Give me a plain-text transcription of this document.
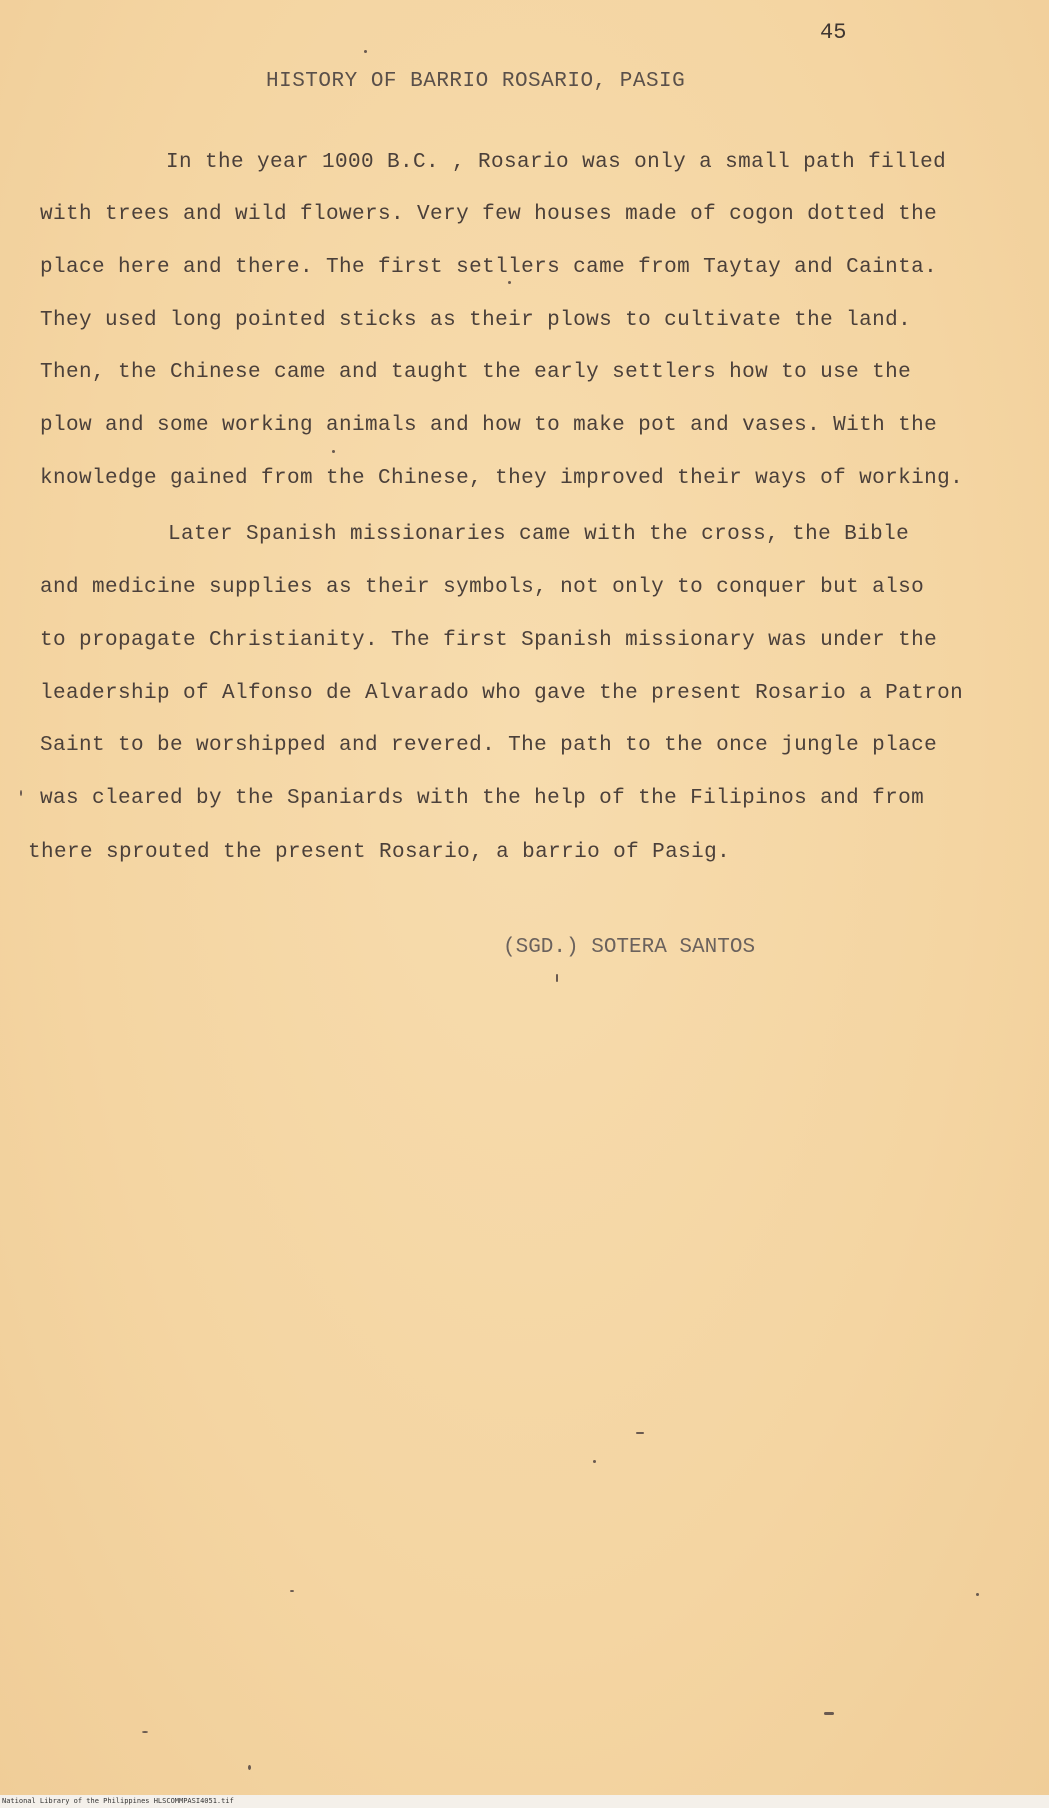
45
HISTORY OF BARRIO ROSARIO, PASIG
In the year 1000 B.C. , Rosario was only a small path filled
with trees and wild flowers. Very few houses made of cogon dotted the
place here and there. The first setllers came from Taytay and Cainta.
They used long pointed sticks as their plows to cultivate the land.
Then, the Chinese came and taught the early settlers how to use the
plow and some working animals and how to make pot and vases. With the
knowledge gained from the Chinese, they improved their ways of working.
Later Spanish missionaries came with the cross, the Bible
and medicine supplies as their symbols, not only to conquer but also
to propagate Christianity. The first Spanish missionary was under the
leadership of Alfonso de Alvarado who gave the present Rosario a Patron
Saint to be worshipped and revered. The path to the once jungle place
was cleared by the Spaniards with the help of the Filipinos and from
there sprouted the present Rosario, a barrio of Pasig.
(SGD.) SOTERA SANTOS
National Library of the Philippines HLSCOMMPASI4051.tif
